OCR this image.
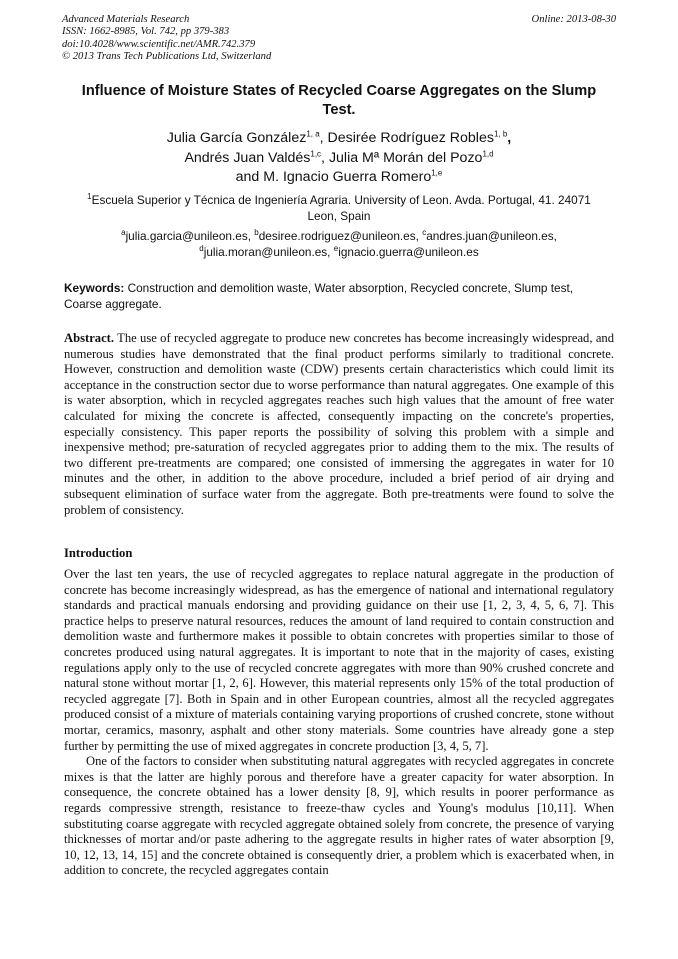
Advanced Materials Research
ISSN: 1662-8985, Vol. 742, pp 379-383
doi:10.4028/www.scientific.net/AMR.742.379
© 2013 Trans Tech Publications Ltd, Switzerland
Online: 2013-08-30
Influence of Moisture States of Recycled Coarse Aggregates on the Slump Test.
Julia García González$^{1, a}$, Desirée Rodríguez Robles$^{1, b}$,
Andrés Juan Valdés$^{1,c}$, Julia Mª Morán del Pozo$^{1,d}$
and M. Ignacio Guerra Romero$^{1,e}$
$^1$Escuela Superior y Técnica de Ingeniería Agraria. University of Leon. Avda. Portugal, 41. 24071
Leon, Spain
$^a$julia.garcia@unileon.es, $^b$desiree.rodriguez@unileon.es, $^c$andres.juan@unileon.es,
$^d$julia.moran@unileon.es, $^e$ignacio.guerra@unileon.es
Keywords: Construction and demolition waste, Water absorption, Recycled concrete, Slump test, Coarse aggregate.
Abstract. The use of recycled aggregate to produce new concretes has become increasingly widespread, and numerous studies have demonstrated that the final product performs similarly to traditional concrete. However, construction and demolition waste (CDW) presents certain characteristics which could limit its acceptance in the construction sector due to worse performance than natural aggregates. One example of this is water absorption, which in recycled aggregates reaches such high values that the amount of free water calculated for mixing the concrete is affected, consequently impacting on the concrete's properties, especially consistency. This paper reports the possibility of solving this problem with a simple and inexpensive method; pre-saturation of recycled aggregates prior to adding them to the mix. The results of two different pre-treatments are compared; one consisted of immersing the aggregates in water for 10 minutes and the other, in addition to the above procedure, included a brief period of air drying and subsequent elimination of surface water from the aggregate. Both pre-treatments were found to solve the problem of consistency.
Introduction

Over the last ten years, the use of recycled aggregates to replace natural aggregate in the production of concrete has become increasingly widespread, as has the emergence of national and international regulatory standards and practical manuals endorsing and providing guidance on their use [1, 2, 3, 4, 5, 6, 7]. This practice helps to preserve natural resources, reduces the amount of land required to contain construction and demolition waste and furthermore makes it possible to obtain concretes with properties similar to those of concretes produced using natural aggregates. It is important to note that in the majority of cases, existing regulations apply only to the use of recycled concrete aggregates with more than 90% crushed concrete and natural stone without mortar [1, 2, 6]. However, this material represents only 15% of the total production of recycled aggregate [7]. Both in Spain and in other European countries, almost all the recycled aggregates produced consist of a mixture of materials containing varying proportions of crushed concrete, stone without mortar, ceramics, masonry, asphalt and other stony materials. Some countries have already gone a step further by permitting the use of mixed aggregates in concrete production [3, 4, 5, 7].

One of the factors to consider when substituting natural aggregates with recycled aggregates in concrete mixes is that the latter are highly porous and therefore have a greater capacity for water absorption. In consequence, the concrete obtained has a lower density [8, 9], which results in poorer performance as regards compressive strength, resistance to freeze-thaw cycles and Young's modulus [10,11]. When substituting coarse aggregate with recycled aggregate obtained solely from concrete, the presence of varying thicknesses of mortar and/or paste adhering to the aggregate results in higher rates of water absorption [9, 10, 12, 13, 14, 15] and the concrete obtained is consequently drier, a problem which is exacerbated when, in addition to concrete, the recycled aggregates contain
